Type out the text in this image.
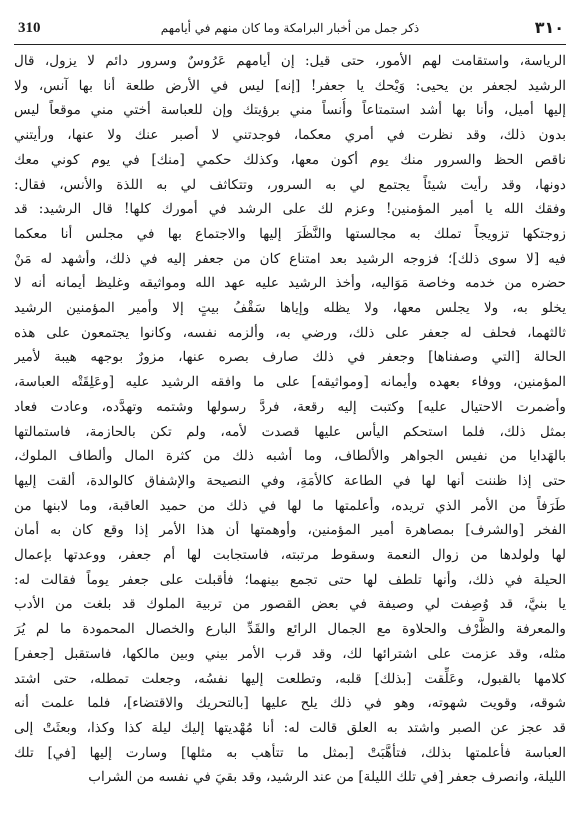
٣١٠
ذكر جمل من أخبار البرامكة وما كان منهم في أيامهم
310
الرياسة، واستقامت لهم الأمور، حتى قيل: إن أيامهم عَرُوسٌ وسرور دائم لا يزول، قال
الرشيد لجعفر بن يحيى: وَيْحك يا جعفر! [إنه] ليس في الأرض طلعة أنا بها آنس، ولا
إليها أميل، وأنا بها أشد استمتاعاً وأُنساً مني برؤيتك وإن للعباسة أختي مني موقعاً ليس
بدون ذلك، وقد نظرت في أمري معكما، فوجدتني لا أصبر عنك ولا عنها، ورأيتني
ناقص الحظ والسرور منك يوم أكون معها، وكذلك حكمي [منك] في يوم كوني معك
دونها، وقد رأيت شيئاً يجتمع لي به السرور، وتتكاثف لي به اللذة والأنس، فقال:
وفقك الله يا أمير المؤمنين! وعزم لك على الرشد في أمورك كلها! قال الرشيد: قد
زوجتكها تزويجاً تملك به مجالستها والنَّظَرَ إليها والاجتماع بها في مجلس أنا معكما
فيه [لا سوى ذلك]؛ فزوجه الرشيد بعد امتناع كان من جعفر إليه في ذلك، وأشهد له مَنْ
حضره من خدمه وخاصة مَوَاليه، وأخذ الرشيد عليه عهد الله ومواثيقه وغليظ أيمانه أنه لا
يخلو به، ولا يجلس معها، ولا يظله وإياها سَقْفُ بيتٍ إلا وأمير المؤمنين الرشيد
ثالثهما، فحلف له جعفر على ذلك، ورضي به، وألزمه نفسه، وكانوا يجتمعون على هذه
الحالة [التي وصفناها] وجعفر في ذلك صارف بصره عنها، مزورٌ بوجهه هيبة لأمير
المؤمنين، ووفاء بعهده وأيمانه [ومواثيقه] على ما وافقه الرشيد عليه [وعَلِقَتْه العباسة،
وأضمرت الاحتيال عليه] وكتبت إليه رقعة، فردَّ رسولها وشتمه وتهدَّده، وعادت فعاد
بمثل ذلك، فلما استحكم اليأس عليها قصدت لأمه، ولم تكن بالحازمة، فاستمالتها
بالهَدايا من نفيس الجواهر والألطاف، وما أشبه ذلك من كثرة المال وألطاف الملوك،
حتى إذا ظننت أنها لها في الطاعة كالأمَةِ، وفي النصيحة والإشفاق كالوالدة، ألقت إليها
طَرَفاً من الأمر الذي تريده، وأعلمتها ما لها في ذلك من حميد العاقبة، وما لابنها من
الفخر [والشرف] بمصاهرة أمير المؤمنين، وأوهمتها أن هذا الأمر إذا وقع كان به أمان
لها ولولدها من زوال النعمة وسقوط مرتبته، فاستجابت لها أم جعفر، ووعدتها بإعمال
الحيلة في ذلك، وأنها تلطف لها حتى تجمع بينهما؛ فأقبلت على جعفر يوماً فقالت له:
يا بنيَّ، قد وُصِفت لي وصيفة في بعض القصور من تربية الملوك قد بلغت من الأدب
والمعرفة والظَّرْف والحلاوة مع الجمال الرائع والقَدِّ البارع والخصال المحمودة ما لم يُرَ
مثله، وقد عزمت على اشترائها لك، وقد قرب الأمر بيني وبين مالكها، فاستقبل [جعفر]
كلامها بالقبول، وعَلِّقت [بذلك] قلبه، وتطلعت إليها نفسُه، وجعلت تمطله، حتى اشتد
شوقه، وقويت شهوته، وهو في ذلك يلح عليها [بالتحريك والاقتضاء]، فلما علمت أنه
قد عجز عن الصبر واشتد به العلق قالت له: أنا مُهْديتها إليك ليلة كذا وكذا، وبعثَتْ إلى
العباسة فأعلمتها بذلك، فتأهَّبَتْ [بمثل ما تتأهب به مثلها] وسارت إليها [في] تلك
الليلة، وانصرف جعفر [في تلك الليلة] من عند الرشيد، وقد بقيَ في نفسه من الشراب
